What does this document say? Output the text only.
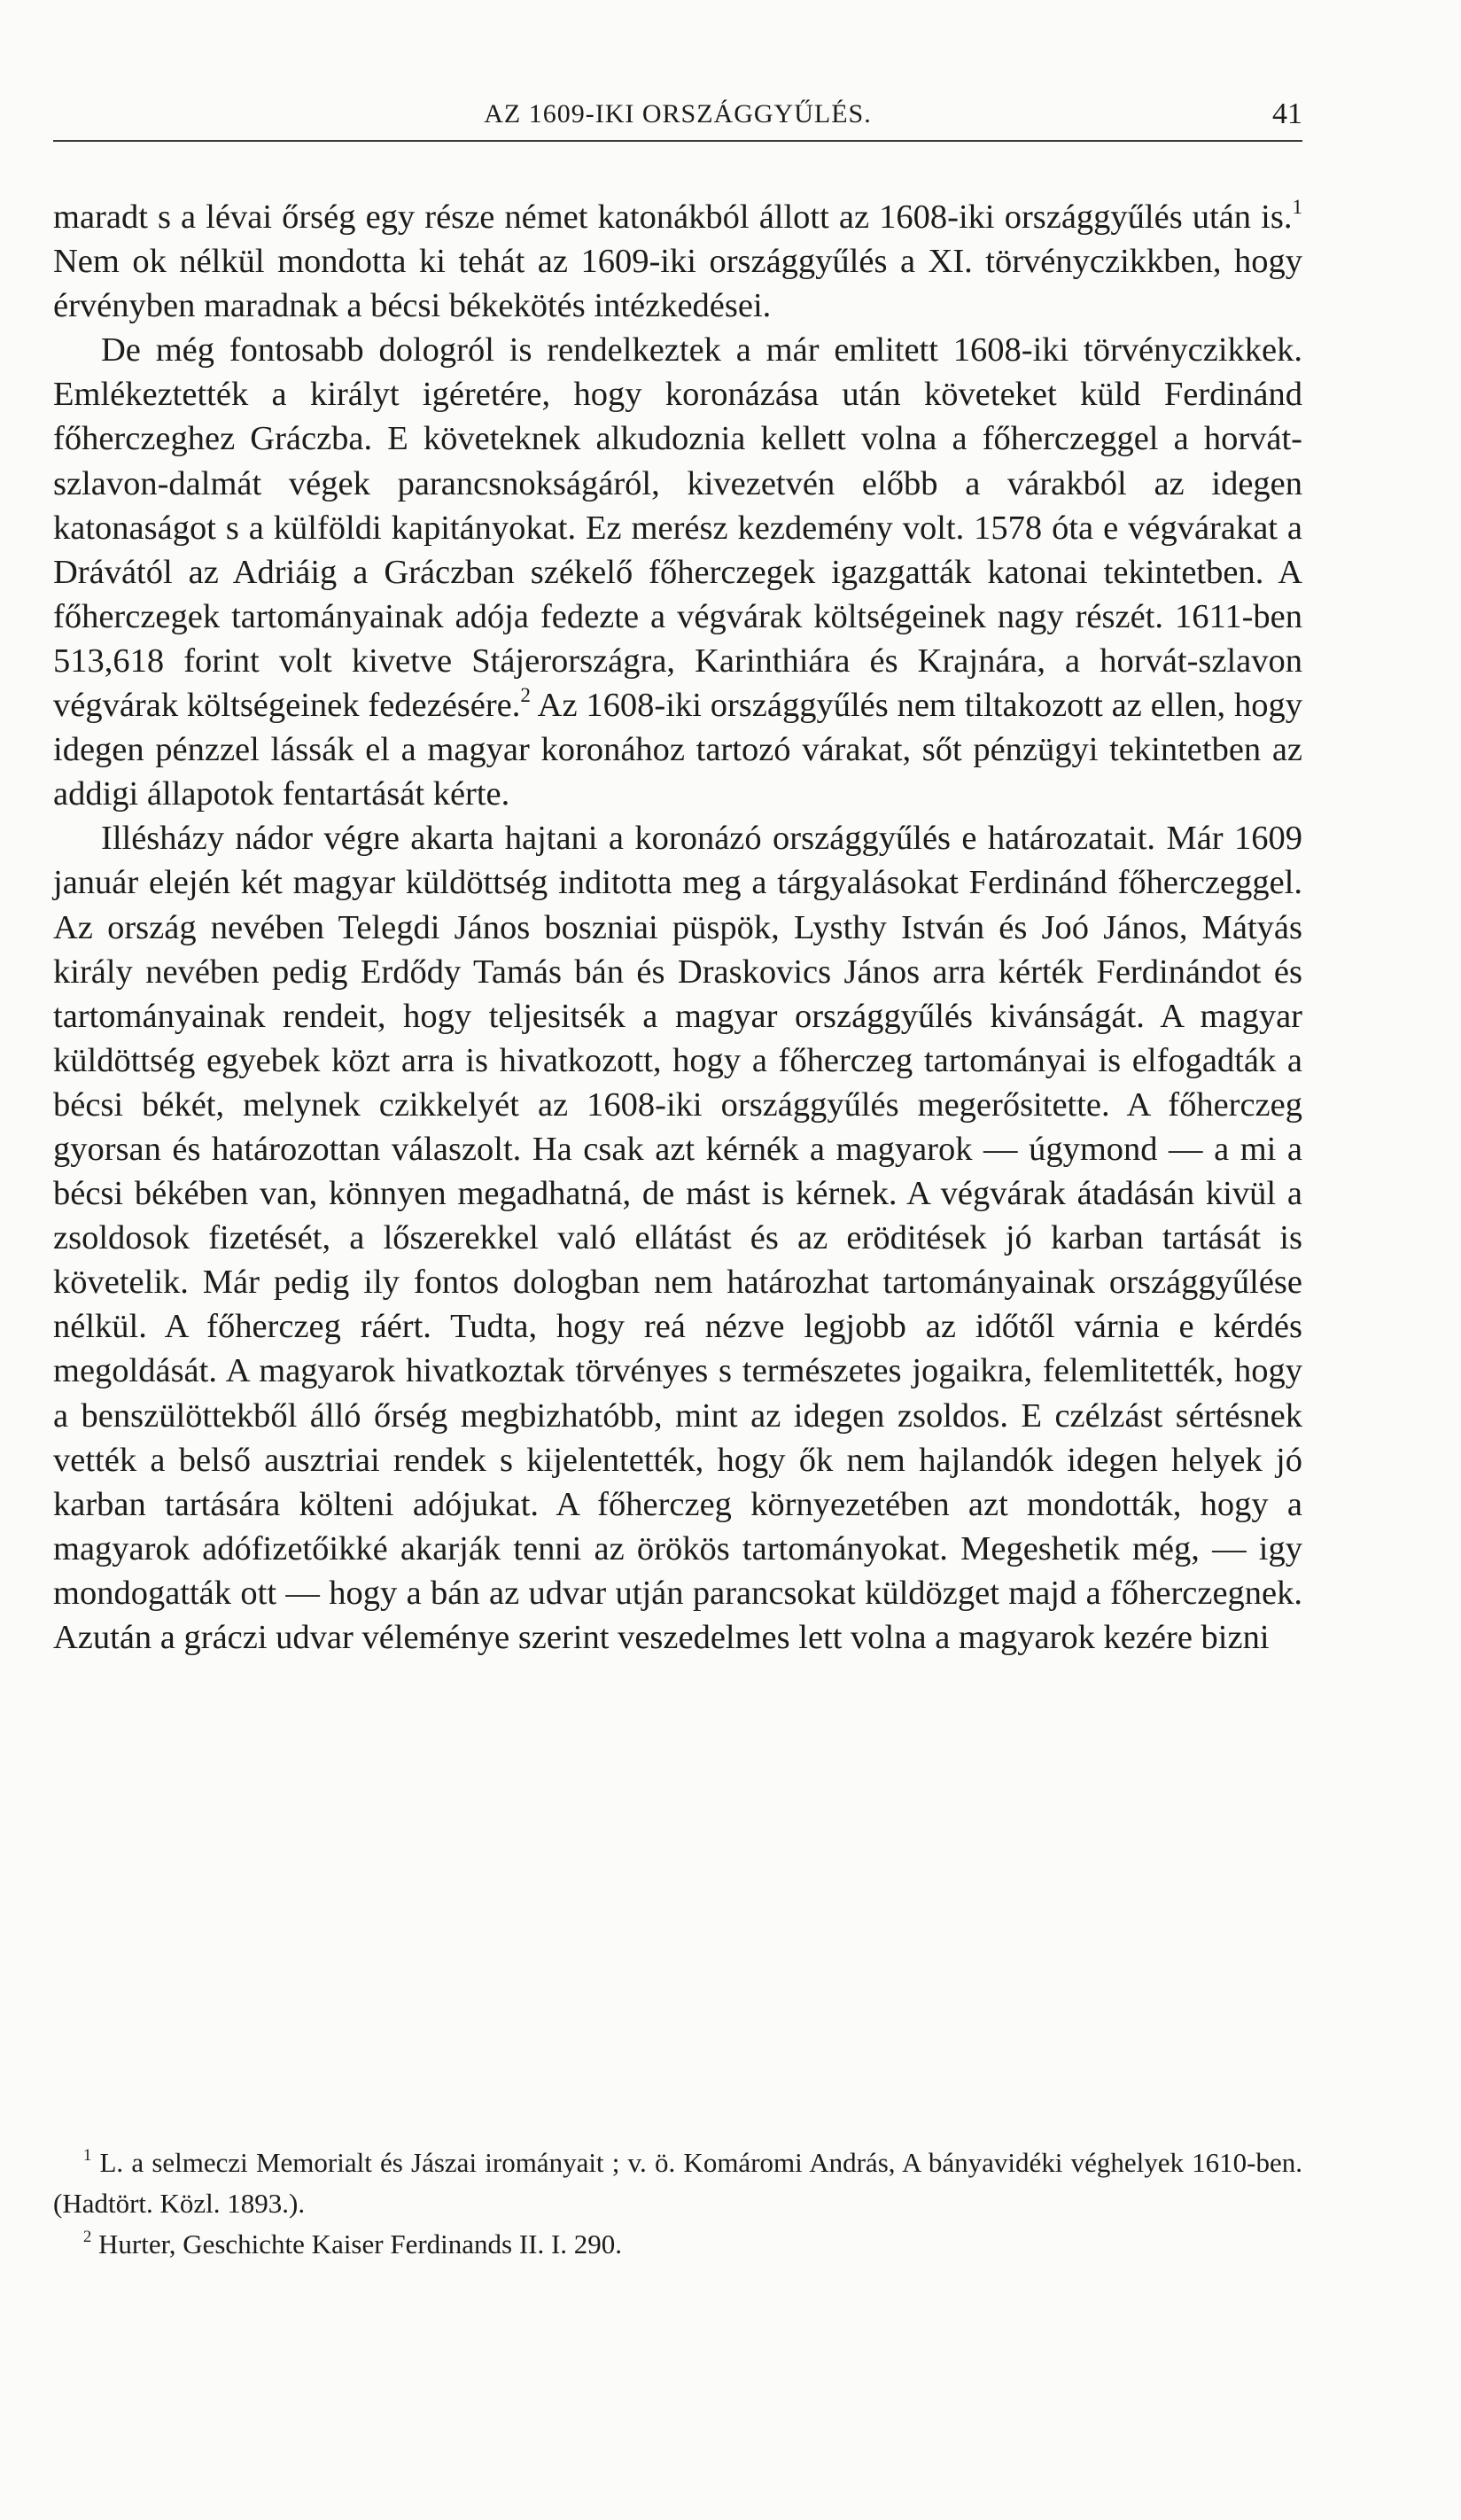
AZ 1609-IKI ORSZÁGGYŰLÉS.	41

maradt s a lévai őrség egy része német katonákból állott az 1608-iki országgyűlés után is.$^1$ Nem ok nélkül mondotta ki tehát az 1609-iki országgyűlés a XI. törvényczikkben, hogy érvényben maradnak a bécsi békekötés intézkedései.

De még fontosabb dologról is rendelkeztek a már emlitett 1608-iki törvényczikkek. Emlékeztették a királyt igéretére, hogy koronázása után követeket küld Ferdinánd főherczeghez Gráczba. E követeknek alkudoznia kellett volna a főherczeggel a horvát-szlavon-dalmát végek parancsnokságáról, kivezetvén előbb a várakból az idegen katonaságot s a külföldi kapitányokat. Ez merész kezdemény volt. 1578 óta e végvárakat a Drávától az Adriáig a Gráczban székelő főherczegek igazgatták katonai tekintetben. A főherczegek tartományainak adója fedezte a végvárak költségeinek nagy részét. 1611-ben 513,618 forint volt kivetve Stájerországra, Karinthiára és Krajnára, a horvát-szlavon végvárak költségeinek fedezésére.$^2$ Az 1608-iki országgyűlés nem tiltakozott az ellen, hogy idegen pénzzel lássák el a magyar koronához tartozó várakat, sőt pénzügyi tekintetben az addigi állapotok fentartását kérte.

Illésházy nádor végre akarta hajtani a koronázó országgyűlés e határozatait. Már 1609 január elején két magyar küldöttség inditotta meg a tárgyalásokat Ferdinánd főherczeggel. Az ország nevében Telegdi János boszniai püspök, Lysthy István és Joó János, Mátyás király nevében pedig Erdődy Tamás bán és Draskovics János arra kérték Ferdinándot és tartományainak rendeit, hogy teljesitsék a magyar országgyűlés kivánságát. A magyar küldöttség egyebek közt arra is hivatkozott, hogy a főherczeg tartományai is elfogadták a bécsi békét, melynek czikkelyét az 1608-iki országgyűlés megerősitette. A főherczeg gyorsan és határozottan válaszolt. Ha csak azt kérnék a magyarok — úgymond — a mi a bécsi békében van, könnyen megadhatná, de mást is kérnek. A végvárak átadásán kivül a zsoldosok fizetését, a lőszerekkel való ellátást és az eröditések jó karban tartását is követelik. Már pedig ily fontos dologban nem határozhat tartományainak országgyűlése nélkül. A főherczeg ráért. Tudta, hogy reá nézve legjobb az időtől várnia e kérdés megoldását. A magyarok hivatkoztak törvényes s természetes jogaikra, felemlitették, hogy a benszülöttekből álló őrség megbizhatóbb, mint az idegen zsoldos. E czélzást sértésnek vették a belső ausztriai rendek s kijelentették, hogy ők nem hajlandók idegen helyek jó karban tartására költeni adójukat. A főherczeg környezetében azt mondották, hogy a magyarok adófizetőikké akarják tenni az örökös tartományokat. Megeshetik még, — igy mondogatták ott — hogy a bán az udvar utján parancsokat küldözget majd a főherczegnek. Azután a gráczi udvar véleménye szerint veszedelmes lett volna a magyarok kezére bizni

$^1$ L. a selmeczi Memorialt és Jászai irományait ; v. ö. Komáromi András, A bányavidéki véghelyek 1610-ben. (Hadtört. Közl. 1893.).

$^2$ Hurter, Geschichte Kaiser Ferdinands II. I. 290.
